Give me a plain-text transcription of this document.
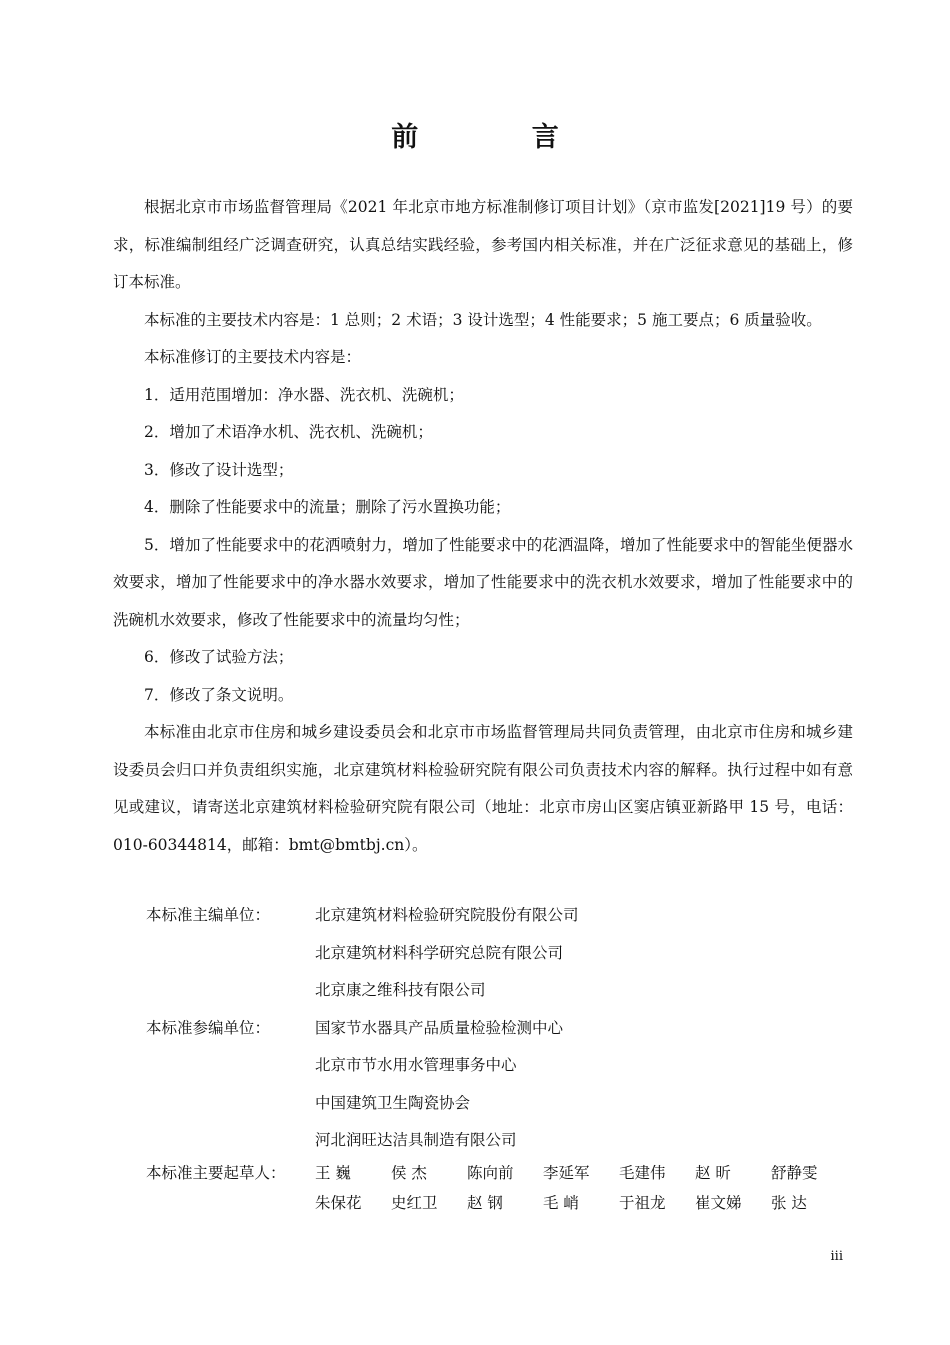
前 言

根据北京市市场监督管理局《2021 年北京市地方标准制修订项目计划》（京市监发[2021]19 号）的要求，标准编制组经广泛调查研究，认真总结实践经验，参考国内相关标准，并在广泛征求意见的基础上，修订本标准。

本标准的主要技术内容是：1 总则；2 术语；3 设计选型；4 性能要求；5 施工要点；6 质量验收。

本标准修订的主要技术内容是：

1．适用范围增加：净水器、洗衣机、洗碗机；

2．增加了术语净水机、洗衣机、洗碗机；

3．修改了设计选型；

4．删除了性能要求中的流量；删除了污水置换功能；

5．增加了性能要求中的花洒喷射力，增加了性能要求中的花洒温降，增加了性能要求中的智能坐便器水效要求，增加了性能要求中的净水器水效要求，增加了性能要求中的洗衣机水效要求，增加了性能要求中的洗碗机水效要求，修改了性能要求中的流量均匀性；

6．修改了试验方法；

7．修改了条文说明。

本标准由北京市住房和城乡建设委员会和北京市市场监督管理局共同负责管理，由北京市住房和城乡建设委员会归口并负责组织实施，北京建筑材料检验研究院有限公司负责技术内容的解释。执行过程中如有意见或建议，请寄送北京建筑材料检验研究院有限公司（地址：北京市房山区窦店镇亚新路甲 15 号，电话：010-60344814，邮箱：bmt@bmtbj.cn）。

本标准主编单位：	北京建筑材料检验研究院股份有限公司
北京建筑材料科学研究总院有限公司
北京康之维科技有限公司
本标准参编单位：	国家节水器具产品质量检验检测中心
北京市节水用水管理事务中心
中国建筑卫生陶瓷协会
河北润旺达洁具制造有限公司
本标准主要起草人：	王 巍	侯 杰	陈向前	李延军	毛建伟	赵 昕	舒静雯
朱保花	史红卫	赵 钢	毛 峭	于祖龙	崔文娣	张 达
iii
